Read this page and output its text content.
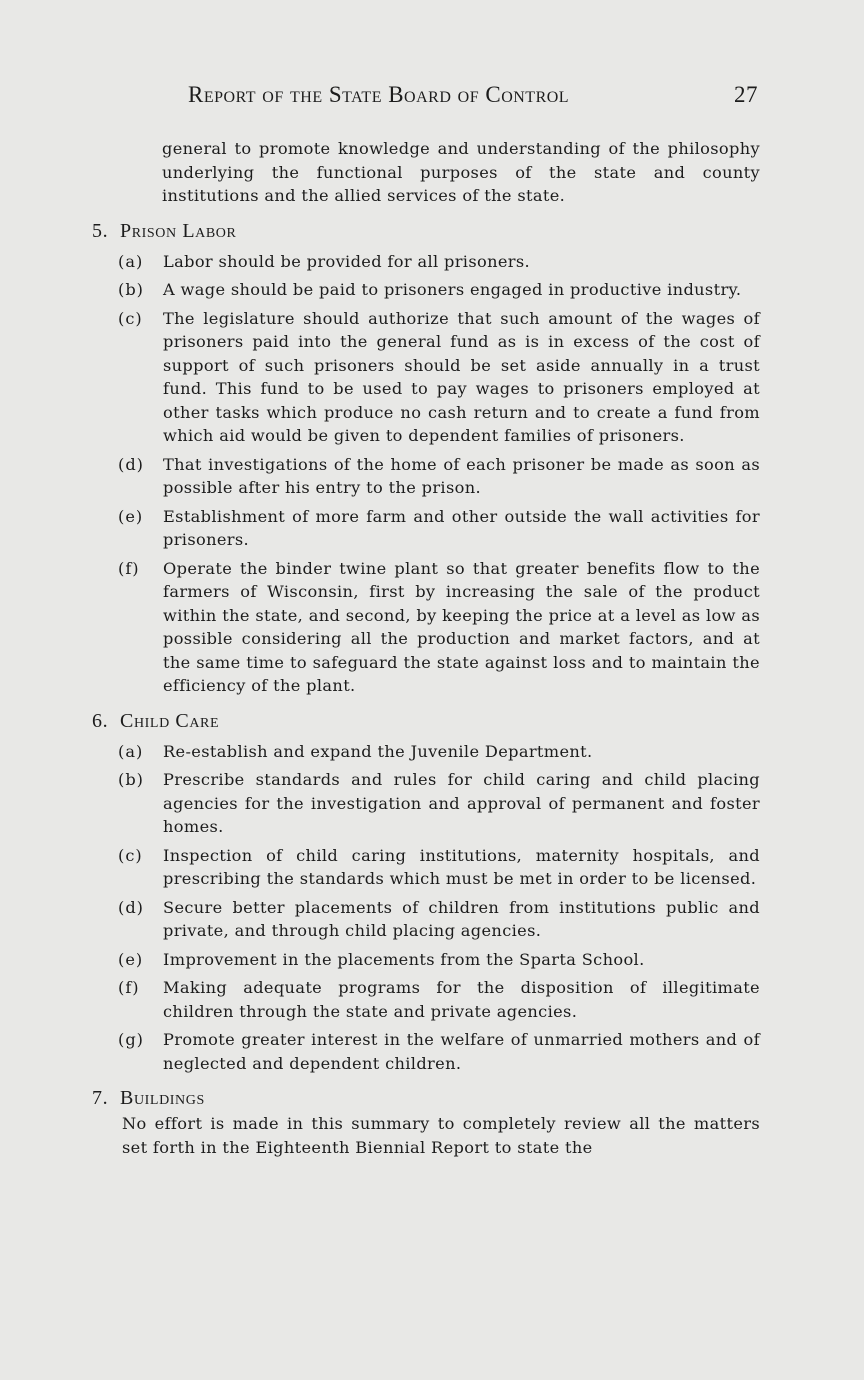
Report of the State Board of Control	27
general to promote knowledge and understanding of the philosophy underlying the functional purposes of the state and county institutions and the allied services of the state.
5. Prison Labor
(a)	Labor should be provided for all prisoners.
(b)	A wage should be paid to prisoners engaged in productive industry.
(c)	The legislature should authorize that such amount of the wages of prisoners paid into the general fund as is in excess of the cost of support of such prisoners should be set aside annually in a trust fund. This fund to be used to pay wages to prisoners employed at other tasks which produce no cash return and to create a fund from which aid would be given to dependent families of prisoners.
(d)	That investigations of the home of each prisoner be made as soon as possible after his entry to the prison.
(e)	Establishment of more farm and other outside the wall activities for prisoners.
(f)	Operate the binder twine plant so that greater benefits flow to the farmers of Wisconsin, first by increasing the sale of the product within the state, and second, by keeping the price at a level as low as possible considering all the production and market factors, and at the same time to safeguard the state against loss and to maintain the efficiency of the plant.
6. Child Care
(a)	Re-establish and expand the Juvenile Department.
(b)	Prescribe standards and rules for child caring and child placing agencies for the investigation and approval of permanent and foster homes.
(c)	Inspection of child caring institutions, maternity hospitals, and prescribing the standards which must be met in order to be licensed.
(d)	Secure better placements of children from institutions public and private, and through child placing agencies.
(e)	Improvement in the placements from the Sparta School.
(f)	Making adequate programs for the disposition of illegitimate children through the state and private agencies.
(g)	Promote greater interest in the welfare of unmarried mothers and of neglected and dependent children.
7. Buildings
No effort is made in this summary to completely review all the matters set forth in the Eighteenth Biennial Report to state the
